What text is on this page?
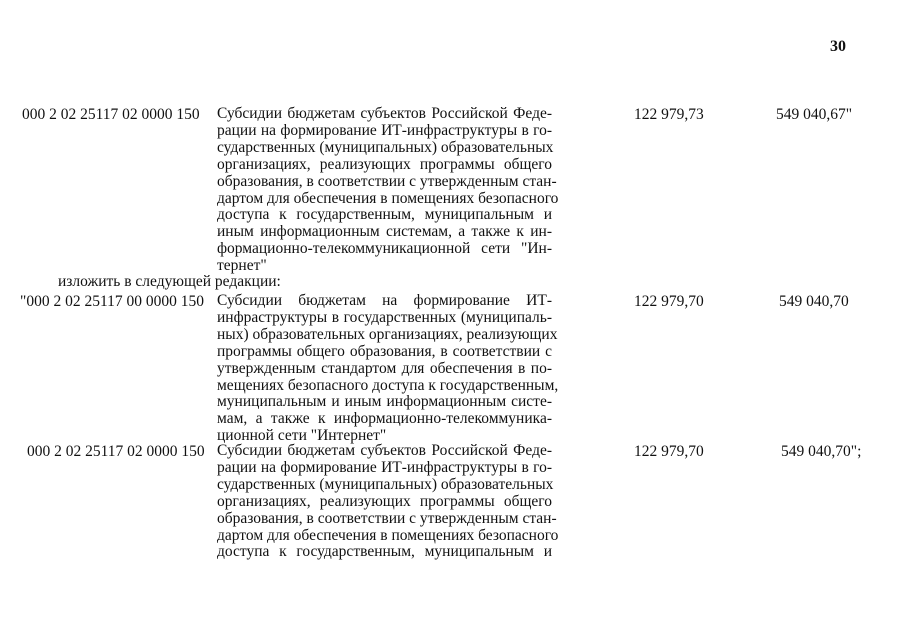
30
000 2 02 25117 02 0000 150	Субсидии бюджетам субъектов Российской Феде-
рации на формирование ИТ-инфраструктуры в го-
сударственных (муниципальных) образовательных
организациях, реализующих программы общего
образования, в соответствии с утвержденным стан-
дартом для обеспечения в помещениях безопасного
доступа к государственным, муниципальным и
иным информационным системам, а также к ин-
формационно-телекоммуникационной сети "Ин-
тернет"
122 979,73	549 040,67"
изложить в следующей редакции:
"000 2 02 25117 00 0000 150 Субсидии бюджетам на формирование ИТ-
инфраструктуры в государственных (муниципаль-
ных) образовательных организациях, реализующих
программы общего образования, в соответствии с
утвержденным стандартом для обеспечения в по-
мещениях безопасного доступа к государственным,
муниципальным и иным информационным систе-
мам, а также к информационно-телекоммуника-
ционной сети "Интернет"
122 979,70	549 040,70
000 2 02 25117 02 0000 150 Субсидии бюджетам субъектов Российской Феде-
рации на формирование ИТ-инфраструктуры в го-
сударственных (муниципальных) образовательных
организациях, реализующих программы общего
образования, в соответствии с утвержденным стан-
дартом для обеспечения в помещениях безопасного
доступа к государственным, муниципальным и
122 979,70	549 040,70";
